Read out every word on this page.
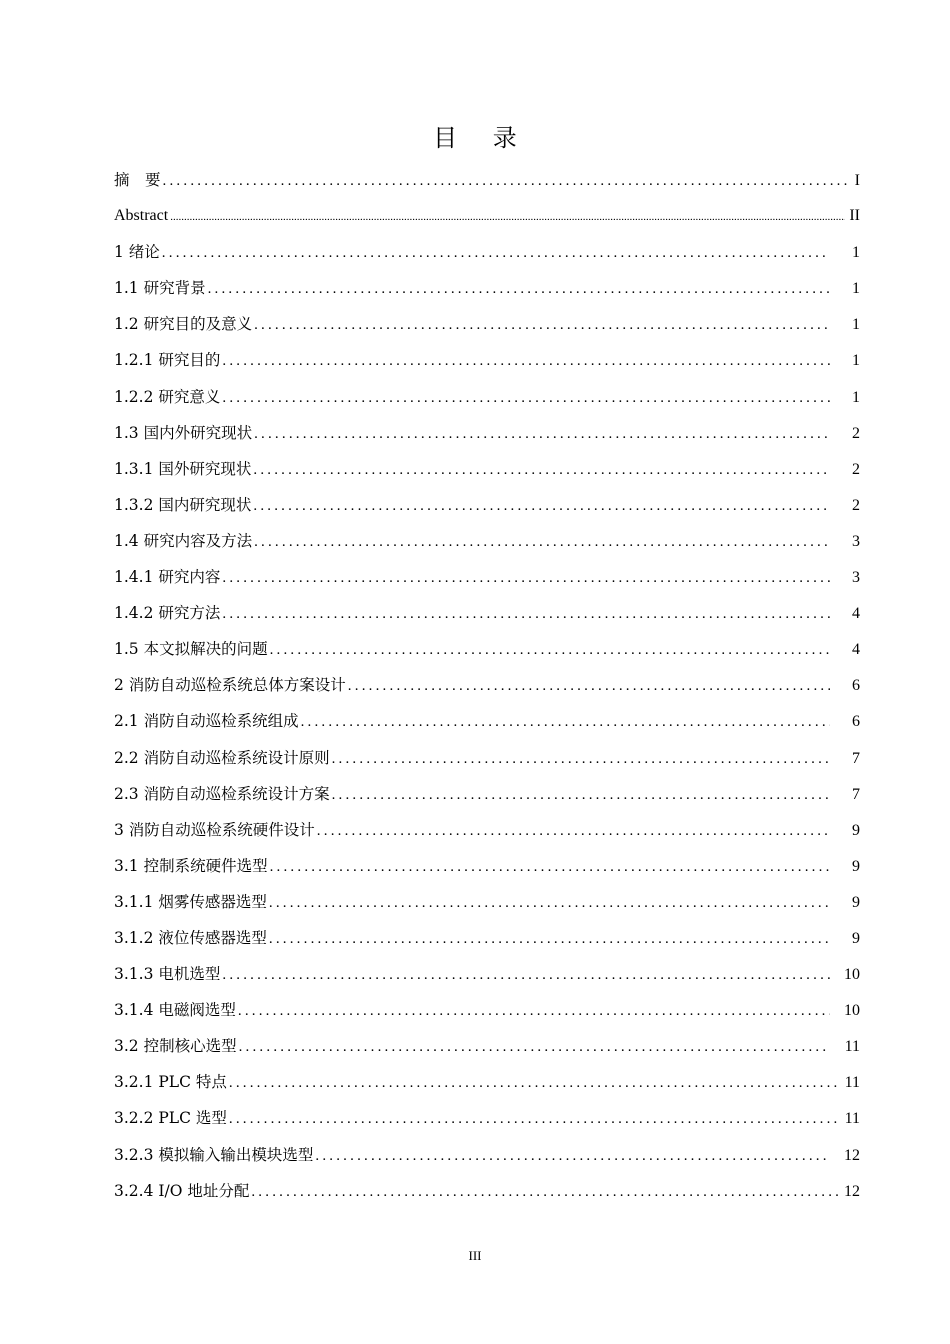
目 录
摘　要 .....	I
Abstract .....	II
1 绪论 .....	1
1.1 研究背景 .....	1
1.2 研究目的及意义 .....	1
1.2.1 研究目的 .....	1
1.2.2 研究意义 .....	1
1.3 国内外研究现状 .....	2
1.3.1 国外研究现状 .....	2
1.3.2 国内研究现状 .....	2
1.4 研究内容及方法 .....	3
1.4.1 研究内容 .....	3
1.4.2 研究方法 .....	4
1.5 本文拟解决的问题 .....	4
2 消防自动巡检系统总体方案设计 .....	6
2.1 消防自动巡检系统组成 .....	6
2.2 消防自动巡检系统设计原则 .....	7
2.3 消防自动巡检系统设计方案 .....	7
3 消防自动巡检系统硬件设计 .....	9
3.1 控制系统硬件选型 .....	9
3.1.1 烟雾传感器选型 .....	9
3.1.2 液位传感器选型 .....	9
3.1.3 电机选型 .....	10
3.1.4 电磁阀选型 .....	10
3.2 控制核心选型 .....	11
3.2.1 PLC 特点 .....	11
3.2.2 PLC 选型 .....	11
3.2.3 模拟输入输出模块选型 .....	12
3.2.4 I/O 地址分配 .....	12
III
